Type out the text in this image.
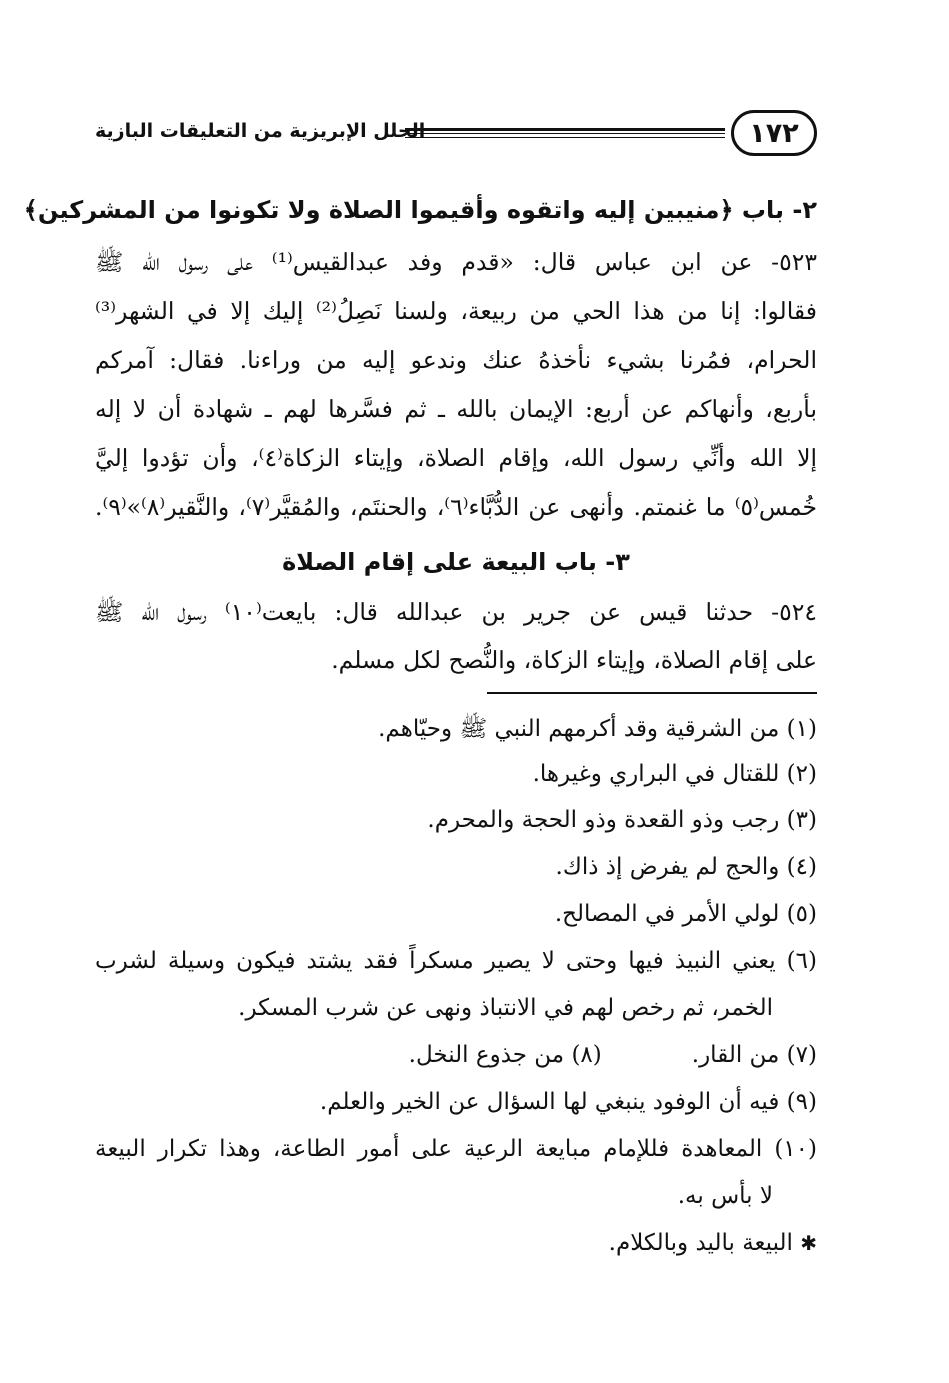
١٧٢
الحلل الإبريزية من التعليقات البازية
٢- باب ﴿منيبين إليه واتقوه وأقيموا الصلاة ولا تكونوا من المشركين﴾
٥٢٣- عن ابن عباس قال: «قدم وفد عبدالقيس⁽¹⁾ على رسول الله ﷺ
فقالوا: إنا من هذا الحي من ربيعة، ولسنا نَصِلُ⁽²⁾ إليك إلا في الشهر⁽³⁾
الحرام، فمُرنا بشيء نأخذهُ عنك وندعو إليه من وراءنا. فقال: آمركم
بأربع، وأنهاكم عن أربع: الإيمان بالله ـ ثم فسَّرها لهم ـ شهادة أن لا إله
إلا الله وأنِّي رسول الله، وإقام الصلاة، وإيتاء الزكاة⁽٤⁾، وأن تؤدوا إليَّ
خُمس⁽٥⁾ ما غنمتم. وأنهى عن الدُّبَّاء⁽٦⁾، والحنتَم، والمُقيَّر⁽٧⁾، والنَّقير⁽٨⁾»⁽٩⁾.
٣- باب البيعة على إقام الصلاة
٥٢٤- حدثنا قيس عن جرير بن عبدالله قال: بايعت⁽١٠⁾ رسول الله ﷺ
على إقام الصلاة، وإيتاء الزكاة، والنُّصح لكل مسلم.
(١) من الشرقية وقد أكرمهم النبي ﷺ وحيّاهم.
(٢) للقتال في البراري وغيرها.
(٣) رجب وذو القعدة وذو الحجة والمحرم.
(٤) والحج لم يفرض إذ ذاك.
(٥) لولي الأمر في المصالح.
(٦) يعني النبيذ فيها وحتى لا يصير مسكراً فقد يشتد فيكون وسيلة لشرب
الخمر، ثم رخص لهم في الانتباذ ونهى عن شرب المسكر.
(٧) من القار.(٨) من جذوع النخل.
(٩) فيه أن الوفود ينبغي لها السؤال عن الخير والعلم.
(١٠) المعاهدة فللإمام مبايعة الرعية على أمور الطاعة، وهذا تكرار البيعة
لا بأس به.
✱ البيعة باليد وبالكلام.
